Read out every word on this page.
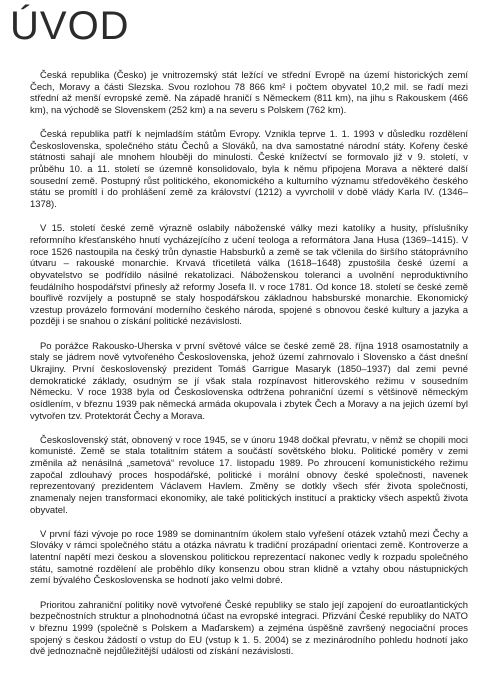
ÚVOD

Česká republika (Česko) je vnitrozemský stát ležící ve střední Evropě na území historických zemí Čech, Moravy a části Slezska. Svou rozlohou 78 866 km² i počtem obyvatel 10,2 mil. se řadí mezi střední až menší evropské země. Na západě hraničí s Německem (811 km), na jihu s Rakouskem (466 km), na východě se Slovenskem (252 km) a na severu s Polskem (762 km).

Česká republika patří k nejmladším státům Evropy. Vznikla teprve 1. 1. 1993 v důsledku rozdělení Československa, společného státu Čechů a Slováků, na dva samostatné národní státy. Kořeny české státnosti sahají ale mnohem hlouběji do minulosti. České knížectví se formovalo již v 9. století, v průběhu 10. a 11. století se územně konsolidovalo, byla k němu připojena Morava a některé další sousední země. Postupný růst politického, ekonomického a kulturního významu středověkého českého státu se promítl i do prohlášení země za království (1212) a vyvrcholil v době vlády Karla IV. (1346–1378).

V 15. století české země výrazně oslabily náboženské války mezi katolíky a husity, příslušníky reformního křesťanského hnutí vycházejícího z učení teologa a reformátora Jana Husa (1369–1415). V roce 1526 nastoupila na český trůn dynastie Habsburků a země se tak včlenila do širšího státoprávního útvaru – rakouské monarchie. Krvavá třicetiletá válka (1618–1648) zpustošila české území a obyvatelstvo se podřídilo násilné rekatolizaci. Náboženskou toleranci a uvolnění neproduktivního feudálního hospodářství přinesly až reformy Josefa II. v roce 1781. Od konce 18. století se české země bouřlivě rozvíjely a postupně se staly hospodářskou základnou habsburské monarchie. Ekonomický vzestup provázelo formování moderního českého národa, spojené s obnovou české kultury a jazyka a později i se snahou o získání politické nezávislosti.

Po porážce Rakousko-Uherska v první světové válce se české země 28. října 1918 osamostatnily a staly se jádrem nově vytvořeného Československa, jehož území zahrnovalo i Slovensko a část dnešní Ukrajiny. První československý prezident Tomáš Garrigue Masaryk (1850–1937) dal zemi pevné demokratické základy, osudným se jí však stala rozpínavost hitlerovského režimu v sousedním Německu. V roce 1938 byla od Československa odtržena pohraniční území s většinově německým osídlením, v březnu 1939 pak německá armáda okupovala i zbytek Čech a Moravy a na jejich území byl vytvořen tzv. Protektorát Čechy a Morava.

Československý stát, obnovený v roce 1945, se v únoru 1948 dočkal převratu, v němž se chopili moci komunisté. Země se stala totalitním státem a součástí sovětského bloku. Politické poměry v zemi změnila až nenásilná „sametová“ revoluce 17. listopadu 1989. Po zhroucení komunistického režimu započal zdlouhavý proces hospodářské, politické i morální obnovy české společnosti, navenek reprezentovaný prezidentem Václavem Havlem. Změny se dotkly všech sfér života společnosti, znamenaly nejen transformaci ekonomiky, ale také politických institucí a prakticky všech aspektů života obyvatel.

V první fázi vývoje po roce 1989 se dominantním úkolem stalo vyřešení otázek vztahů mezi Čechy a Slováky v rámci společného státu a otázka návratu k tradiční prozápadní orientaci země. Kontroverze a latentní napětí mezi českou a slovenskou politickou reprezentací nakonec vedly k rozpadu společného státu, samotné rozdělení ale proběhlo díky konsenzu obou stran klidně a vztahy obou nástupnických zemí bývalého Československa se hodnotí jako velmi dobré.

Prioritou zahraniční politiky nově vytvořené České republiky se stalo její zapojení do euroatlantických bezpečnostních struktur a plnohodnotná účast na evropské integraci. Přizvání České republiky do NATO v březnu 1999 (společně s Polskem a Maďarskem) a zejména úspěšně završený negociační proces spojený s českou žádostí o vstup do EU (vstup k 1. 5. 2004) se z mezinárodního pohledu hodnotí jako dvě jednoznačně nejdůležitější události od získání nezávislosti.
